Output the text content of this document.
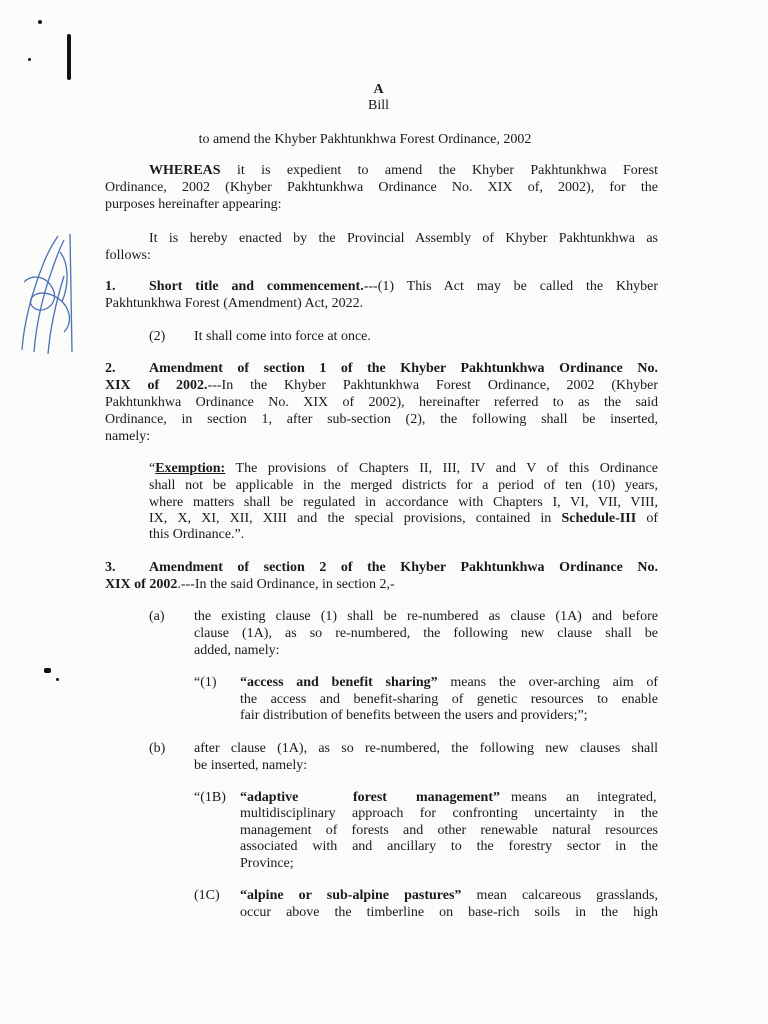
A
Bill
to amend the Khyber Pakhtunkhwa Forest Ordinance, 2002
WHEREAS it is expedient to amend the Khyber Pakhtunkhwa Forest
Ordinance, 2002 (Khyber Pakhtunkhwa Ordinance No. XIX of, 2002), for the
purposes hereinafter appearing:
It is hereby enacted by the Provincial Assembly of Khyber Pakhtunkhwa as
follows:
1. Short title and commencement.---(1) This Act may be called the Khyber
Pakhtunkhwa Forest (Amendment) Act, 2022.
(2) It shall come into force at once.
2. Amendment of section 1 of the Khyber Pakhtunkhwa Ordinance No.
XIX of 2002.---In the Khyber Pakhtunkhwa Forest Ordinance, 2002 (Khyber
Pakhtunkhwa Ordinance No. XIX of 2002), hereinafter referred to as the said
Ordinance, in section 1, after sub-section (2), the following shall be inserted,
namely:
“Exemption: The provisions of Chapters II, III, IV and V of this Ordinance
shall not be applicable in the merged districts for a period of ten (10) years,
where matters shall be regulated in accordance with Chapters I, VI, VII, VIII,
IX, X, XI, XII, XIII and the special provisions, contained in Schedule-III of
this Ordinance.”.
3. Amendment of section 2 of the Khyber Pakhtunkhwa Ordinance No.
XIX of 2002.---In the said Ordinance, in section 2,-
(a) the existing clause (1) shall be re-numbered as clause (1A) and before
clause (1A), as so re-numbered, the following new clause shall be
added, namely:
“(1) “access and benefit sharing” means the over-arching aim of
the access and benefit-sharing of genetic resources to enable
fair distribution of benefits between the users and providers;”;
(b) after clause (1A), as so re-numbered, the following new clauses shall
be inserted, namely:
“(1B) “adaptive	forest management” means an integrated,
multidisciplinary approach for confronting uncertainty in the
management of forests and other renewable natural resources
associated with and ancillary to the forestry sector in the
Province;
(1C) “alpine or sub-alpine pastures” mean calcareous grasslands,
occur above the timberline on base-rich soils in the high
